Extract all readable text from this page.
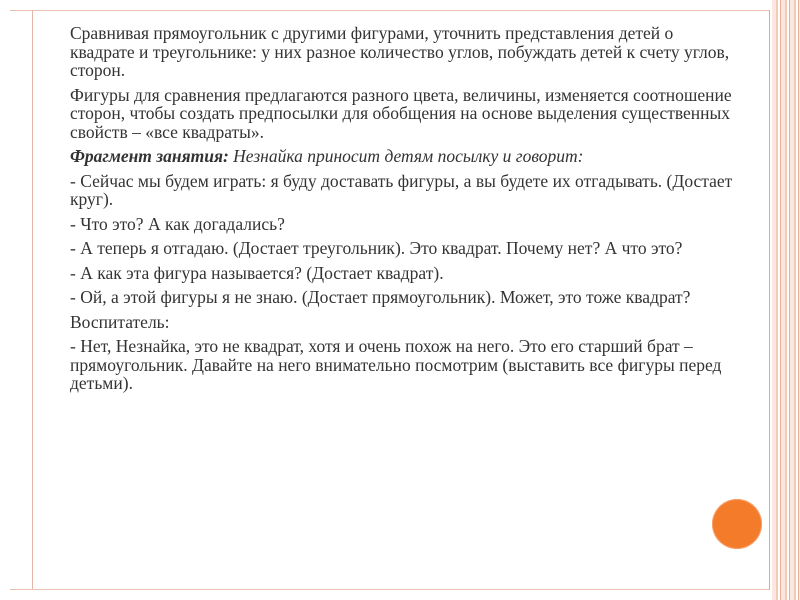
Сравнивая прямоугольник с другими фигурами, уточнить представления детей о квадрате и треугольнике: у них разное количество углов, побуждать детей к счету углов, сторон.
Фигуры для сравнения предлагаются разного цвета, величины, изменяется соотношение сторон, чтобы создать предпосылки для обобщения на основе выделения существенных свойств – «все квадраты».
Фрагмент занятия: Незнайка приносит детям посылку и говорит:
- Сейчас мы будем играть: я буду доставать фигуры, а вы будете их отгадывать. (Достает круг).
- Что это? А как догадались?
- А теперь я отгадаю. (Достает треугольник). Это квадрат. Почему нет? А что это?
- А как эта фигура называется? (Достает квадрат).
- Ой, а этой фигуры я не знаю. (Достает прямоугольник). Может, это тоже квадрат?
Воспитатель:
- Нет, Незнайка, это не квадрат, хотя и очень похож на него. Это его старший брат – прямоугольник. Давайте на него внимательно посмотрим (выставить все фигуры перед детьми).
